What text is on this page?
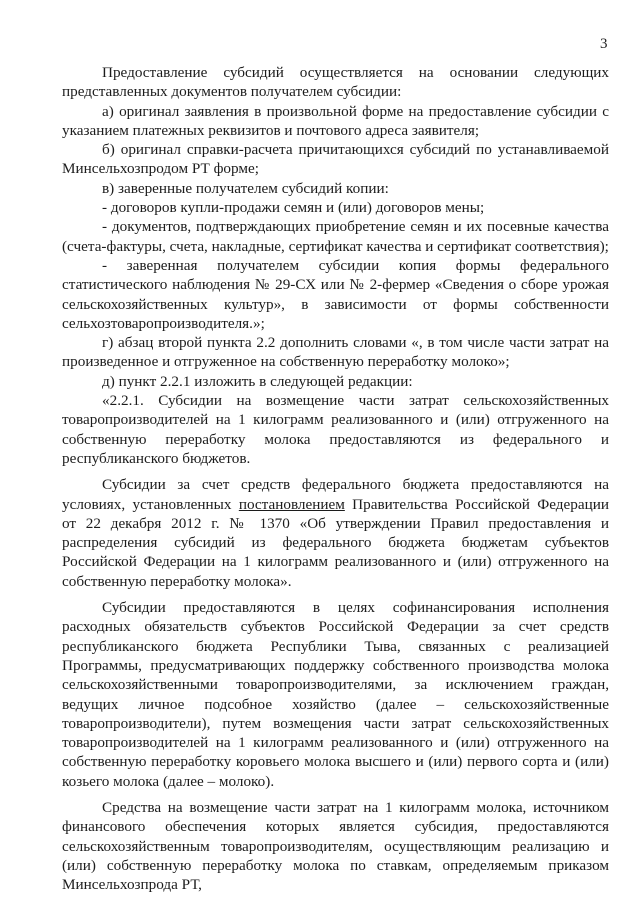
3

Предоставление субсидий осуществляется на основании следующих представленных документов получателем субсидии:

а) оригинал заявления в произвольной форме на предоставление субсидии с указанием платежных реквизитов и почтового адреса заявителя;

б) оригинал справки-расчета причитающихся субсидий по устанавливаемой Минсельхозпродом РТ форме;

в) заверенные получателем субсидий копии:

- договоров купли-продажи семян и (или) договоров мены;

- документов, подтверждающих приобретение семян и их посевные качества (счета-фактуры, счета, накладные, сертификат качества и сертификат соответствия);

- заверенная получателем субсидии копия формы федерального статистического наблюдения № 29-СХ или № 2-фермер «Сведения о сборе урожая сельскохозяйственных культур», в зависимости от формы собственности сельхозтоваропроизводителя.»;

г) абзац второй пункта 2.2 дополнить словами «, в том числе части затрат на произведенное и отгруженное на собственную переработку молоко»;

д) пункт 2.2.1 изложить в следующей редакции:

«2.2.1. Субсидии на возмещение части затрат сельскохозяйственных товаропроизводителей на 1 килограмм реализованного и (или) отгруженного на собственную переработку молока предоставляются из федерального и республиканского бюджетов.

Субсидии за счет средств федерального бюджета предоставляются на условиях, установленных постановлением Правительства Российской Федерации от 22 декабря 2012 г. № 1370 «Об утверждении Правил предоставления и распределения субсидий из федерального бюджета бюджетам субъектов Российской Федерации на 1 килограмм реализованного и (или) отгруженного на собственную переработку молока».

Субсидии предоставляются в целях софинансирования исполнения расходных обязательств субъектов Российской Федерации за счет средств республиканского бюджета Республики Тыва, связанных с реализацией Программы, предусматривающих поддержку собственного производства молока сельскохозяйственными товаропроизводителями, за исключением граждан, ведущих личное подсобное хозяйство (далее – сельскохозяйственные товаропроизводители), путем возмещения части затрат сельскохозяйственных товаропроизводителей на 1 килограмм реализованного и (или) отгруженного на собственную переработку коровьего молока высшего и (или) первого сорта и (или) козьего молока (далее – молоко).

Средства на возмещение части затрат на 1 килограмм молока, источником финансового обеспечения которых является субсидия, предоставляются сельскохозяйственным товаропроизводителям, осуществляющим реализацию и (или) собственную переработку молока по ставкам, определяемым приказом Минсельхозпрода РТ,
